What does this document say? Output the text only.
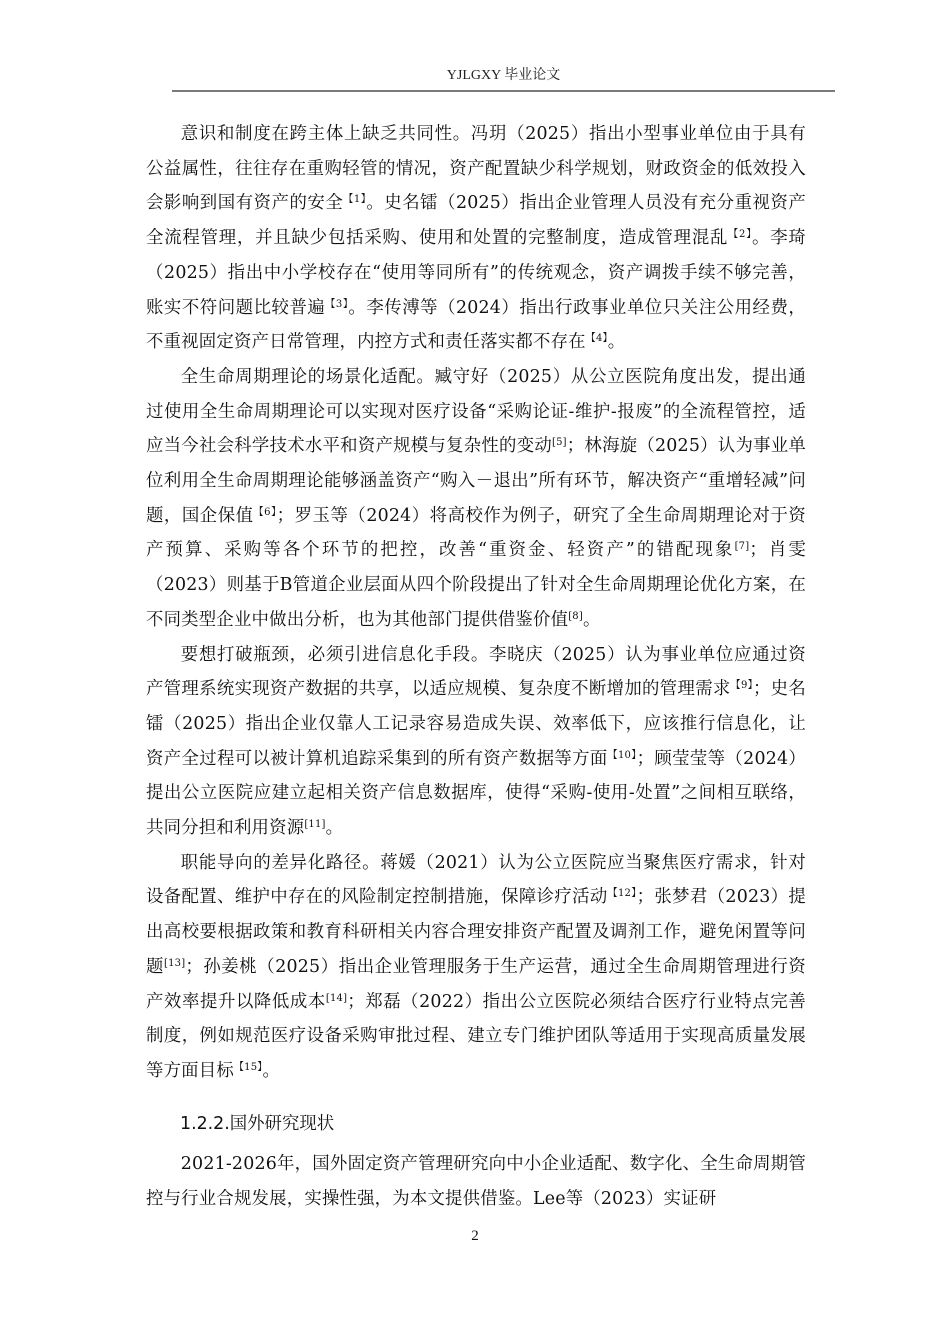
YJLGXY 毕业论文

意识和制度在跨主体上缺乏共同性。冯玥（2025）指出小型事业单位由于具有公益属性，往往存在重购轻管的情况，资产配置缺少科学规划，财政资金的低效投入会影响到国有资产的安全$^{【1】}$。史名镭（2025）指出企业管理人员没有充分重视资产全流程管理，并且缺少包括采购、使用和处置的完整制度，造成管理混乱$^{【2】}$。李琦（2025）指出中小学校存在“使用等同所有”的传统观念，资产调拨手续不够完善，账实不符问题比较普遍$^{【3】}$。李传溥等（2024）指出行政事业单位只关注公用经费，不重视固定资产日常管理，内控方式和责任落实都不存在$^{【4】}$。

全生命周期理论的场景化适配。臧守好（2025）从公立医院角度出发，提出通过使用全生命周期理论可以实现对医疗设备“采购论证-维护-报废”的全流程管控，适应当今社会科学技术水平和资产规模与复杂性的变动[5]；林海旋（2025）认为事业单位利用全生命周期理论能够涵盖资产“购入－退出”所有环节，解决资产“重增轻减”问题，国企保值$^{【6】}$；罗玉等（2024）将高校作为例子，研究了全生命周期理论对于资产预算、采购等各个环节的把控，改善“重资金、轻资产”的错配现象[7]；肖雯（2023）则基于B管道企业层面从四个阶段提出了针对全生命周期理论优化方案，在不同类型企业中做出分析，也为其他部门提供借鉴价值[8]。

要想打破瓶颈，必须引进信息化手段。李晓庆（2025）认为事业单位应通过资产管理系统实现资产数据的共享，以适应规模、复杂度不断增加的管理需求$^{【9】}$；史名镭（2025）指出企业仅靠人工记录容易造成失误、效率低下，应该推行信息化，让资产全过程可以被计算机追踪采集到的所有资产数据等方面$^{【10】}$；顾莹莹等（2024）提出公立医院应建立起相关资产信息数据库，使得“采购-使用-处置”之间相互联络，共同分担和利用资源[11]。

职能导向的差异化路径。蒋媛（2021）认为公立医院应当聚焦医疗需求，针对设备配置、维护中存在的风险制定控制措施，保障诊疗活动$^{【12】}$；张梦君（2023）提出高校要根据政策和教育科研相关内容合理安排资产配置及调剂工作，避免闲置等问题[13]；孙姜桃（2025）指出企业管理服务于生产运营，通过全生命周期管理进行资产效率提升以降低成本[14]；郑磊（2022）指出公立医院必须结合医疗行业特点完善制度，例如规范医疗设备采购审批过程、建立专门维护团队等适用于实现高质量发展等方面目标$^{【15】}$。

1.2.2.国外研究现状

2021-2026年，国外固定资产管理研究向中小企业适配、数字化、全生命周期管控与行业合规发展，实操性强，为本文提供借鉴。Lee等（2023）实证研

2
